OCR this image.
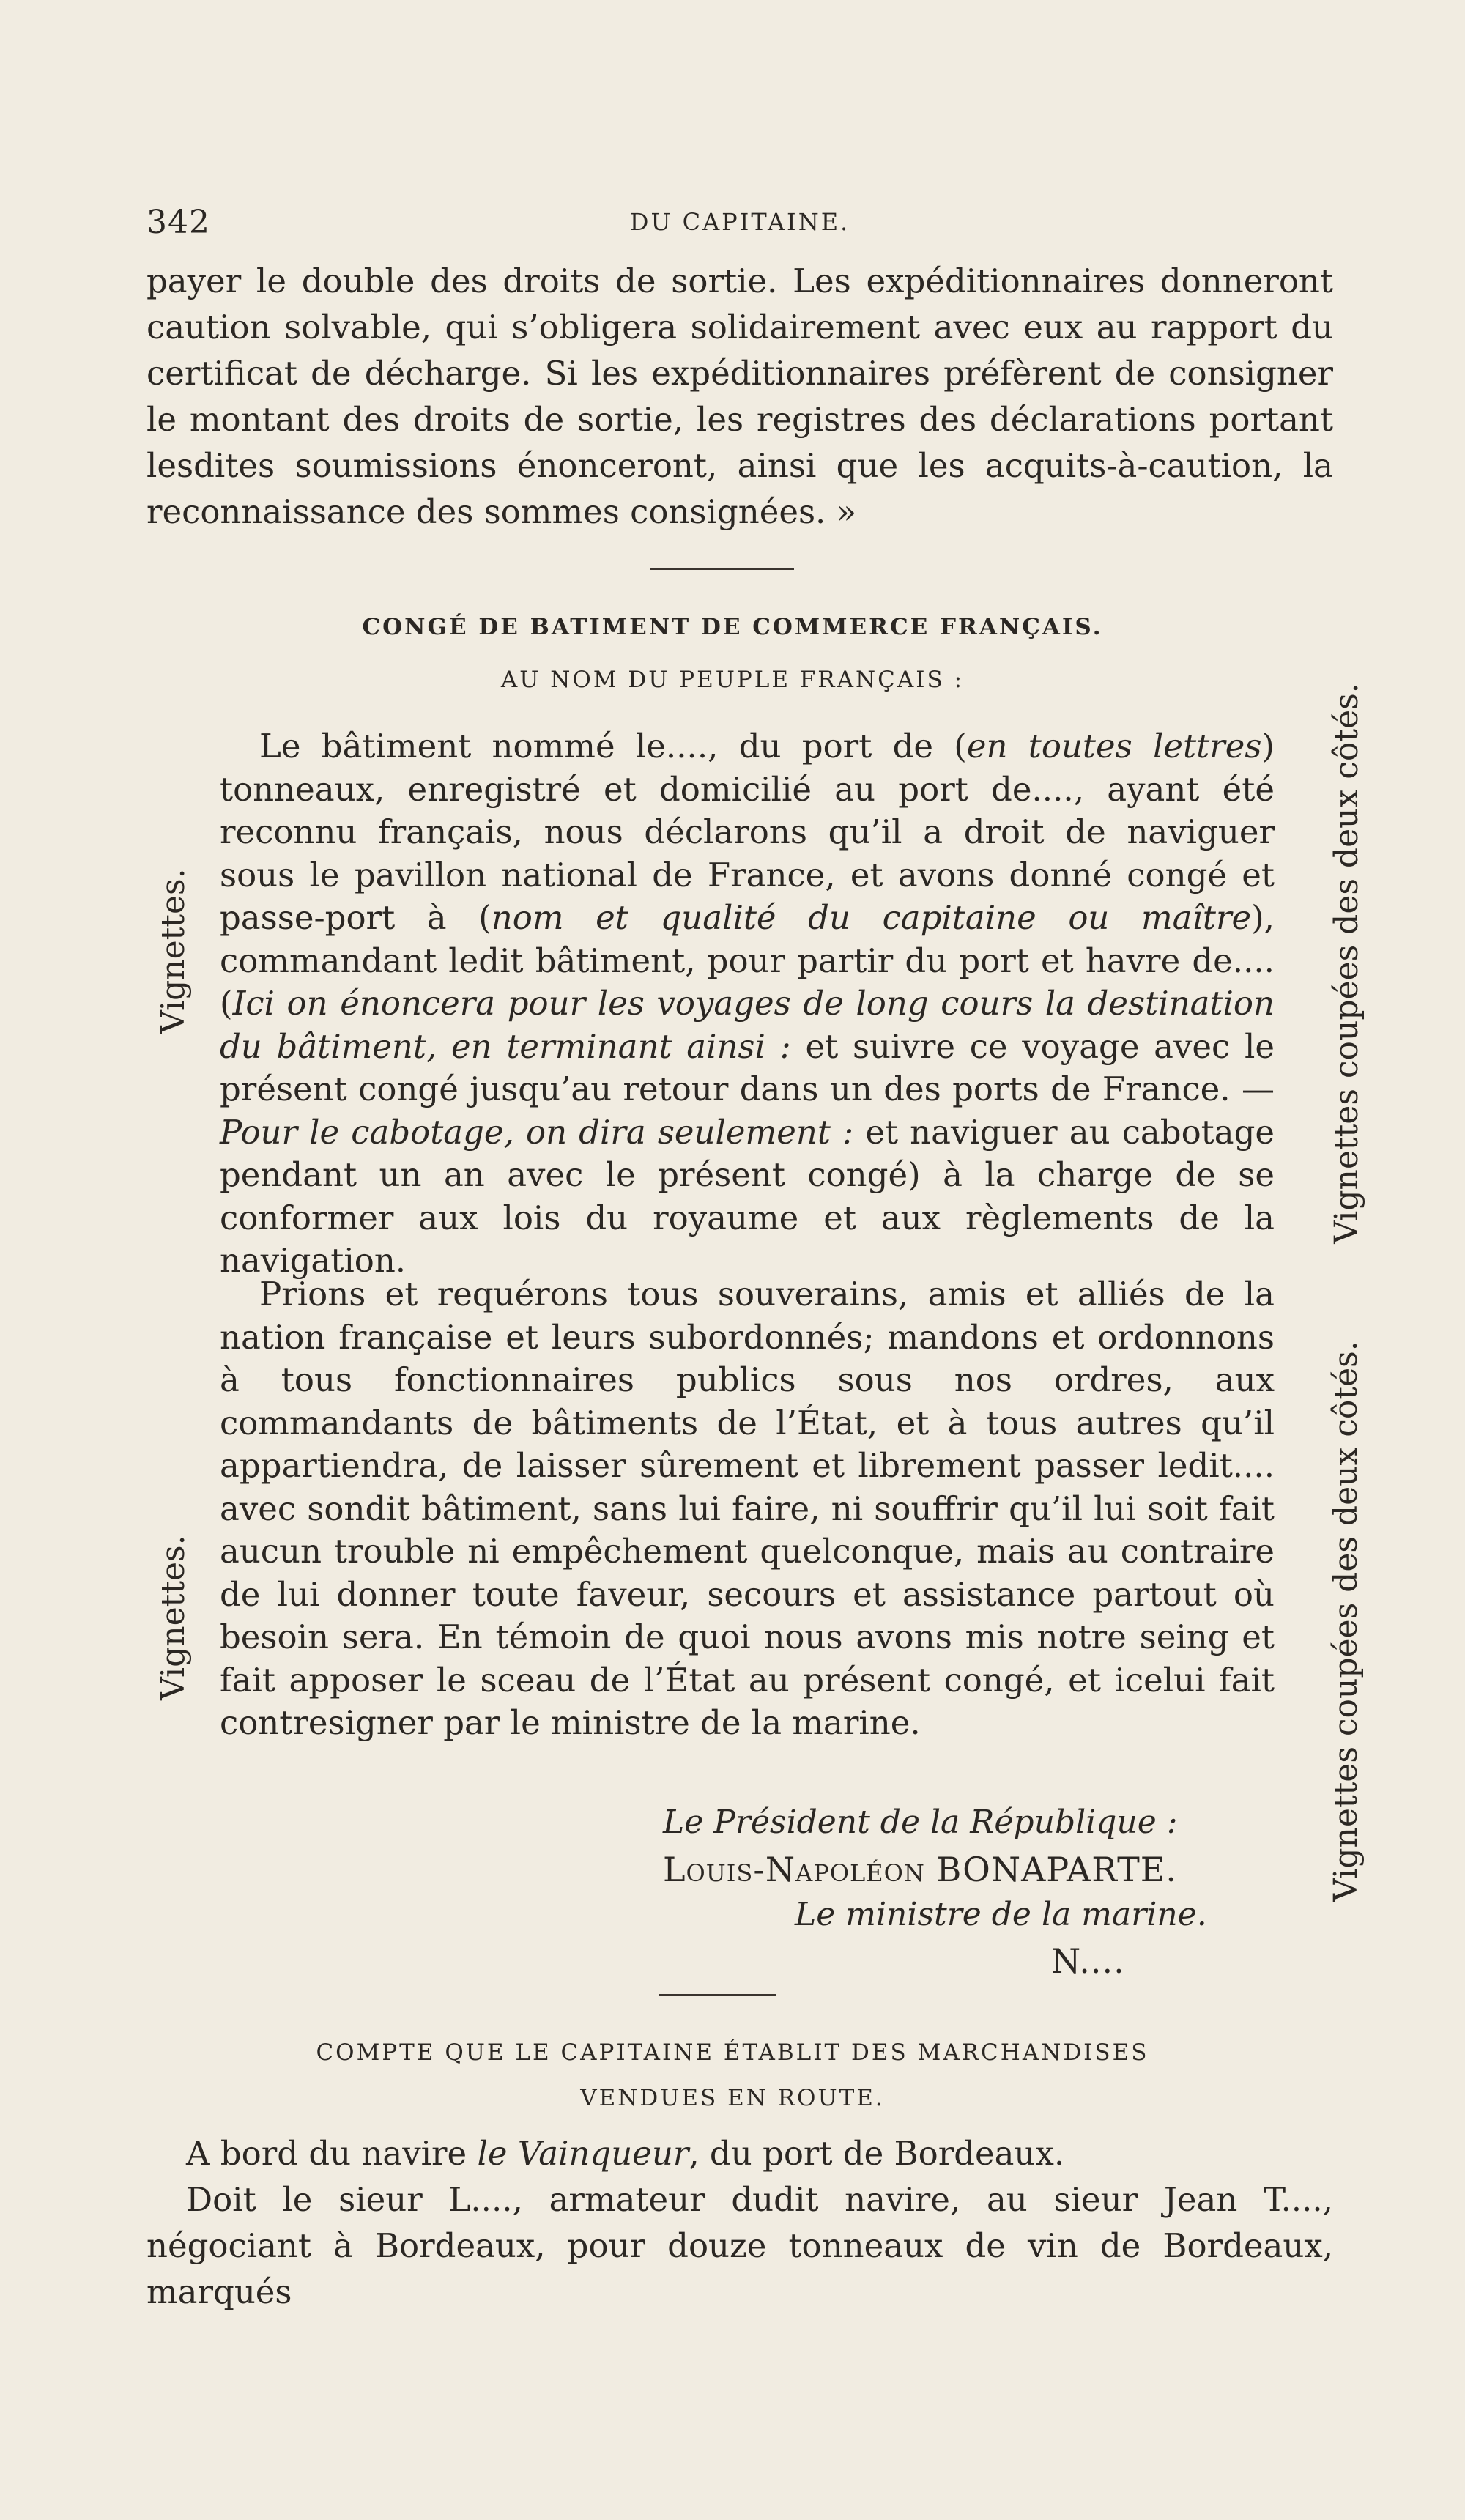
342	DU CAPITAINE.

payer le double des droits de sortie. Les expéditionnaires donneront caution solvable, qui s’obligera solidairement avec eux au rapport du certificat de décharge. Si les expéditionnaires préfèrent de consigner le montant des droits de sortie, les registres des déclarations portant lesdites soumissions énonceront, ainsi que les acquits-à-caution, la reconnaissance des sommes consignées. »

CONGÉ DE BATIMENT DE COMMERCE FRANÇAIS.
AU NOM DU PEUPLE FRANÇAIS :

Le bâtiment nommé le...., du port de (en toutes lettres) tonneaux, enregistré et domicilié au port de...., ayant été reconnu français, nous déclarons qu’il a droit de naviguer sous le pavillon national de France, et avons donné congé et passe-port à (nom et qualité du capitaine ou maître), commandant ledit bâtiment, pour partir du port et havre de.... (Ici on énoncera pour les voyages de long cours la destination du bâtiment, en terminant ainsi : et suivre ce voyage avec le présent congé jusqu’au retour dans un des ports de France. — Pour le cabotage, on dira seulement : et naviguer au cabotage pendant un an avec le présent congé) à la charge de se conformer aux lois du royaume et aux règlements de la navigation.

Prions et requérons tous souverains, amis et alliés de la nation française et leurs subordonnés; mandons et ordonnons à tous fonctionnaires publics sous nos ordres, aux commandants de bâtiments de l’État, et à tous autres qu’il appartiendra, de laisser sûrement et librement passer ledit.... avec sondit bâtiment, sans lui faire, ni souffrir qu’il lui soit fait aucun trouble ni empêchement quelconque, mais au contraire de lui donner toute faveur, secours et assistance partout où besoin sera. En témoin de quoi nous avons mis notre seing et fait apposer le sceau de l’État au présent congé, et icelui fait contresigner par le ministre de la marine.

Le Président de la République :
Louis-Napoléon BONAPARTE.
Le ministre de la marine.
N....
Vignettes.
Vignettes.
Vignettes coupées des deux côtés.
Vignettes coupées des deux côtés.
COMPTE QUE LE CAPITAINE ÉTABLIT DES MARCHANDISES
VENDUES EN ROUTE.

A bord du navire le Vainqueur, du port de Bordeaux.

Doit le sieur L...., armateur dudit navire, au sieur Jean T...., négociant à Bordeaux, pour douze tonneaux de vin de Bordeaux, marqués
